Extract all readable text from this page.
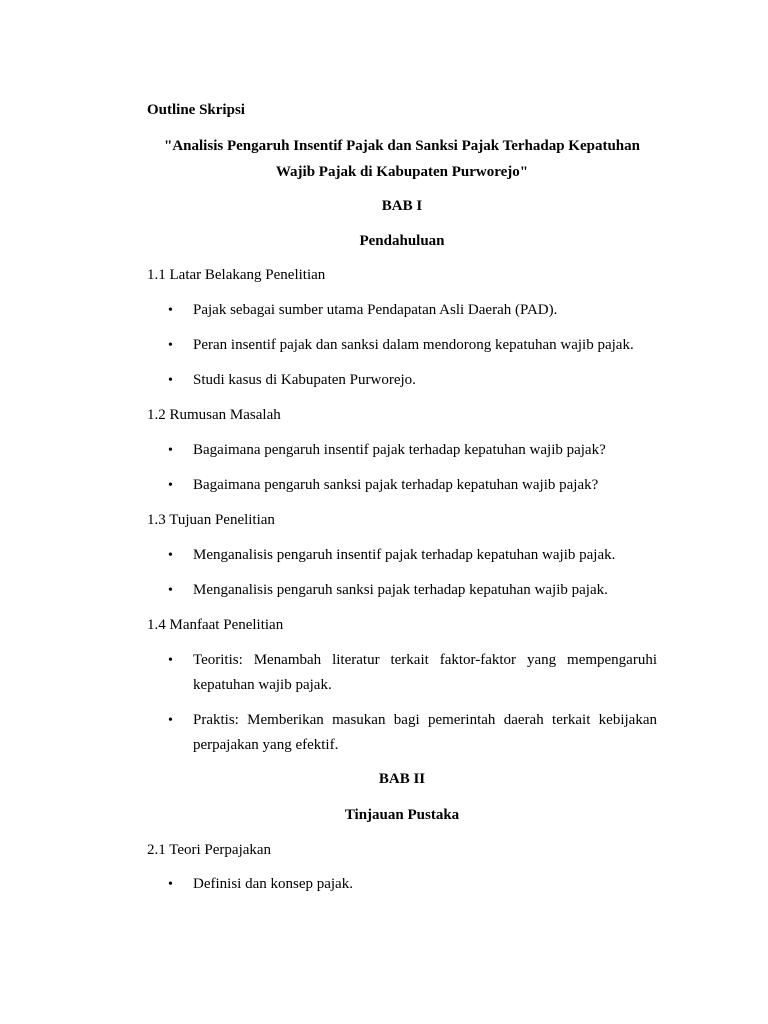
Outline Skripsi
"Analisis Pengaruh Insentif Pajak dan Sanksi Pajak Terhadap Kepatuhan
Wajib Pajak di Kabupaten Purworejo"
BAB I
Pendahuluan
1.1 Latar Belakang Penelitian
• Pajak sebagai sumber utama Pendapatan Asli Daerah (PAD).
• Peran insentif pajak dan sanksi dalam mendorong kepatuhan wajib pajak.
• Studi kasus di Kabupaten Purworejo.
1.2 Rumusan Masalah
• Bagaimana pengaruh insentif pajak terhadap kepatuhan wajib pajak?
• Bagaimana pengaruh sanksi pajak terhadap kepatuhan wajib pajak?
1.3 Tujuan Penelitian
• Menganalisis pengaruh insentif pajak terhadap kepatuhan wajib pajak.
• Menganalisis pengaruh sanksi pajak terhadap kepatuhan wajib pajak.
1.4 Manfaat Penelitian
• Teoritis: Menambah literatur terkait faktor-faktor yang mempengaruhi
kepatuhan wajib pajak.
• Praktis: Memberikan masukan bagi pemerintah daerah terkait kebijakan
perpajakan yang efektif.
BAB II
Tinjauan Pustaka
2.1 Teori Perpajakan
• Definisi dan konsep pajak.
